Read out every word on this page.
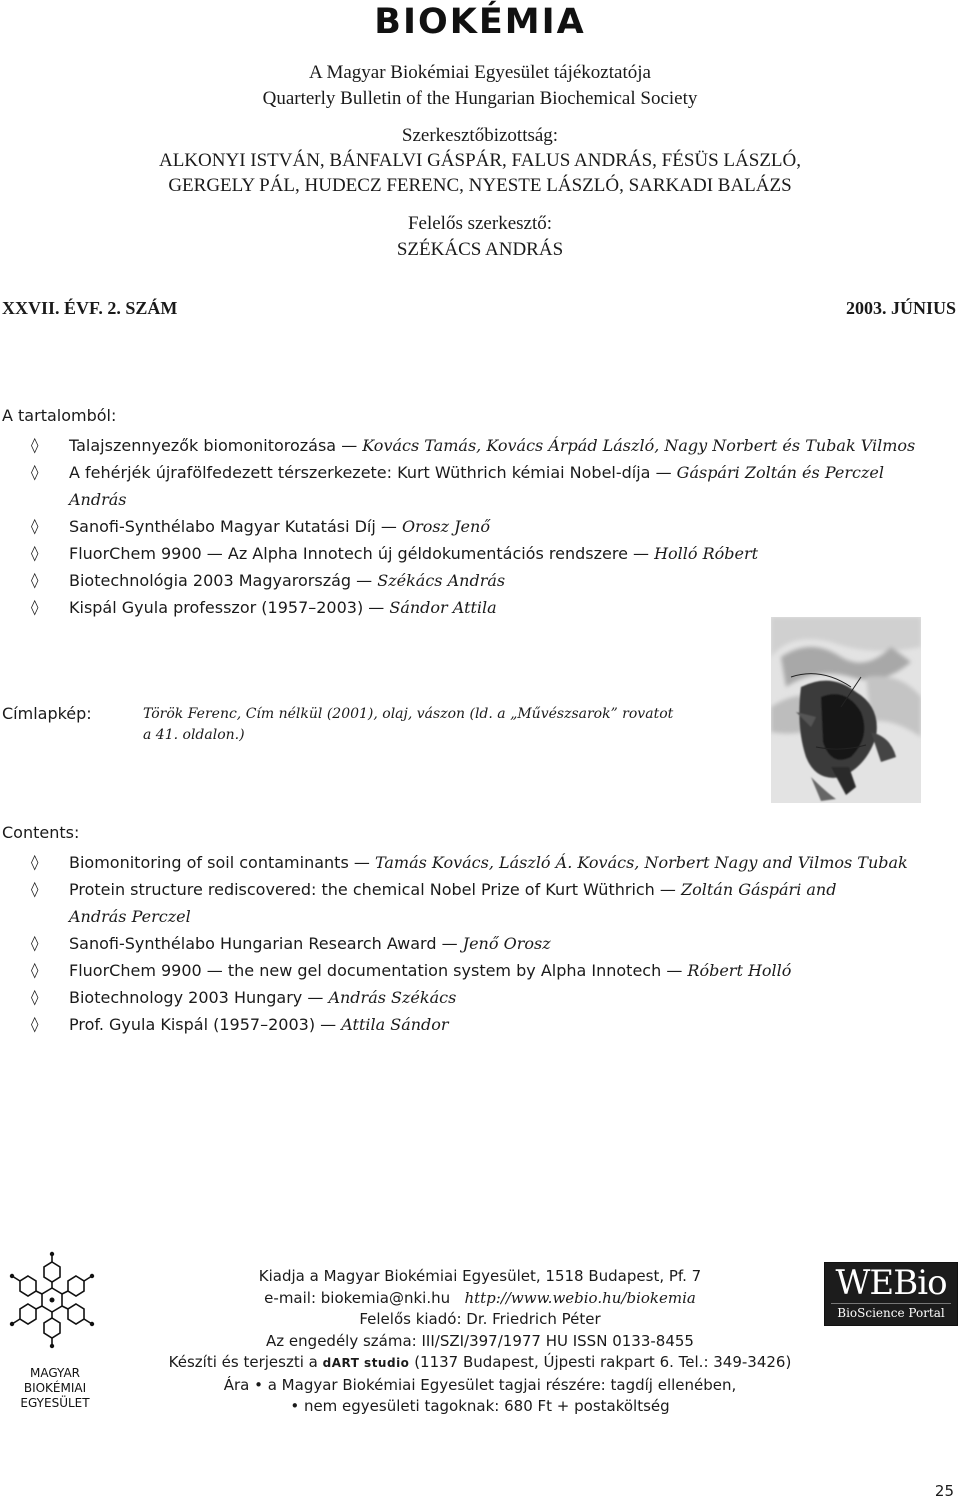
BIOKÉMIA
A Magyar Biokémiai Egyesület tájékoztatója
Quarterly Bulletin of the Hungarian Biochemical Society
Szerkesztőbizottság:
ALKONYI ISTVÁN, BÁNFALVI GÁSPÁR, FALUS ANDRÁS, FÉSÜS LÁSZLÓ,
GERGELY PÁL, HUDECZ FERENC, NYESTE LÁSZLÓ, SARKADI BALÁZS
Felelős szerkesztő:
SZÉKÁCS ANDRÁS
XXVII. ÉVF. 2. SZÁM	2003. JÚNIUS
A tartalomból:
◊ Talajszennyezők biomonitorozása — Kovács Tamás, Kovács Árpád László, Nagy Norbert és Tubak Vilmos
◊ A fehérjék újrafölfedezett térszerkezete: Kurt Wüthrich kémiai Nobel-díja — Gáspári Zoltán és Perczel András
◊ Sanofi-Synthélabo Magyar Kutatási Díj — Orosz Jenő
◊ FluorChem 9900 — Az Alpha Innotech új géldokumentációs rendszere — Holló Róbert
◊ Biotechnológia 2003 Magyarország — Székács András
◊ Kispál Gyula professzor (1957–2003) — Sándor Attila
Címlapkép:	Török Ferenc, Cím nélkül (2001), olaj, vászon (ld. a „Művészsarok” rovatot a 41. oldalon.)
Contents:
◊ Biomonitoring of soil contaminants — Tamás Kovács, László Á. Kovács, Norbert Nagy and Vilmos Tubak
◊ Protein structure rediscovered: the chemical Nobel Prize of Kurt Wüthrich — Zoltán Gáspári and András Perczel
◊ Sanofi-Synthélabo Hungarian Research Award — Jenő Orosz
◊ FluorChem 9900 — the new gel documentation system by Alpha Innotech — Róbert Holló
◊ Biotechnology 2003 Hungary — András Székács
◊ Prof. Gyula Kispál (1957–2003) — Attila Sándor
MAGYAR
BIOKÉMIAI
EGYESÜLET
Kiadja a Magyar Biokémiai Egyesület, 1518 Budapest, Pf. 7
e-mail: biokemia@nki.hu http://www.webio.hu/biokemia
Felelős kiadó: Dr. Friedrich Péter
Az engedély száma: III/SZI/397/1977 HU ISSN 0133-8455
Készíti és terjeszti a dART studio (1137 Budapest, Újpesti rakpart 6. Tel.: 349-3426)
Ára • a Magyar Biokémiai Egyesület tagjai részére: tagdíj ellenében,
• nem egyesületi tagoknak: 680 Ft + postaköltség
WEBio
BioScience Portal
25
